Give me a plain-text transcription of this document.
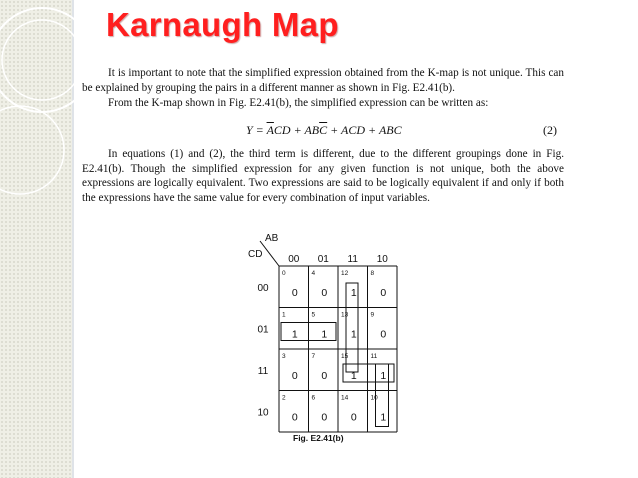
Karnaugh Map

It is important to note that the simplified expression obtained from the K-map is not unique. This can be explained by grouping the pairs in a different manner as shown in Fig. E2.41(b).

From the K-map shown in Fig. E2.41(b), the simplified expression can be written as:

$Y = \overline{A}CD + AB\overline{C}$ + ACD + ABC	(2)

In equations (1) and (2), the third term is different, due to the different groupings done in Fig. E2.41(b). Though the simplified expression for any given function is not unique, both the above expressions are logically equivalent. Two expressions are said to be logically equivalent if and only if both the expressions have the same value for every combination of input variables.

AB
CD	00 01 11 10
00
01
11
10
0
0
4
0
12
1
8
0
1
1
5
1
13
1
9
0
3
0
7
0
15
1
11
1
2
0
6
0
14
0
10
1
Fig. E2.41(b)
